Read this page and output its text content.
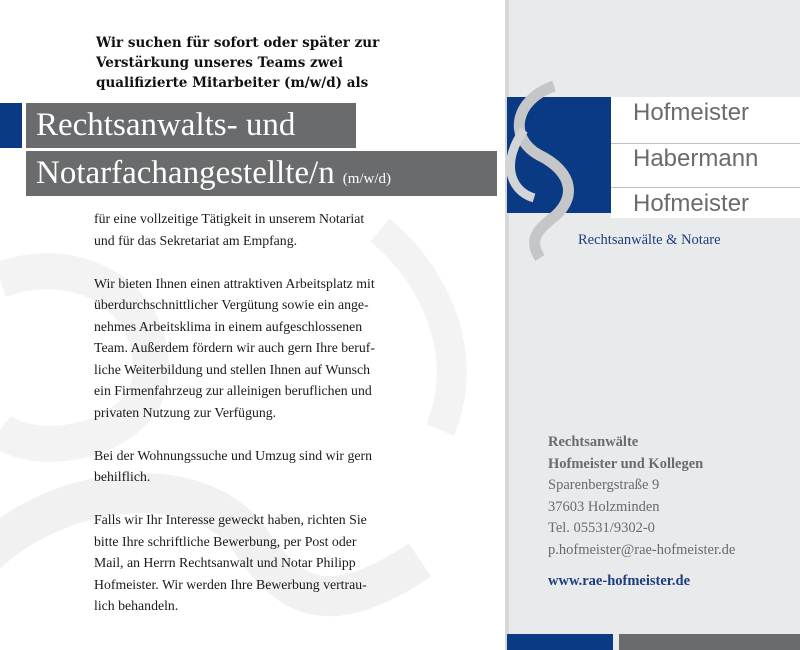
Wir suchen für sofort oder später zur
Verstärkung unseres Teams zwei
qualifizierte Mitarbeiter (m/w/d) als
Rechtsanwalts- und
Notarfachangestellte/n (m/w/d)
Hofmeister
Habermann
Hofmeister
Rechtsanwälte & Notare
für eine vollzeitige Tätigkeit in unserem Notariat
und für das Sekretariat am Empfang.
Wir bieten Ihnen einen attraktiven Arbeitsplatz mit
überdurchschnittlicher Vergütung sowie ein ange-
nehmes Arbeitsklima in einem aufgeschlossenen
Team. Außerdem fördern wir auch gern Ihre beruf-
liche Weiterbildung und stellen Ihnen auf Wunsch
ein Firmenfahrzeug zur alleinigen beruflichen und
privaten Nutzung zur Verfügung.
Bei der Wohnungssuche und Umzug sind wir gern
behilflich.
Falls wir Ihr Interesse geweckt haben, richten Sie
bitte Ihre schriftliche Bewerbung, per Post oder
Mail, an Herrn Rechtsanwalt und Notar Philipp
Hofmeister. Wir werden Ihre Bewerbung vertrau-
lich behandeln.
Rechtsanwälte
Hofmeister und Kollegen
Sparenbergstraße 9
37603 Holzminden
Tel. 05531/9302-0
p.hofmeister@rae-hofmeister.de
www.rae-hofmeister.de
